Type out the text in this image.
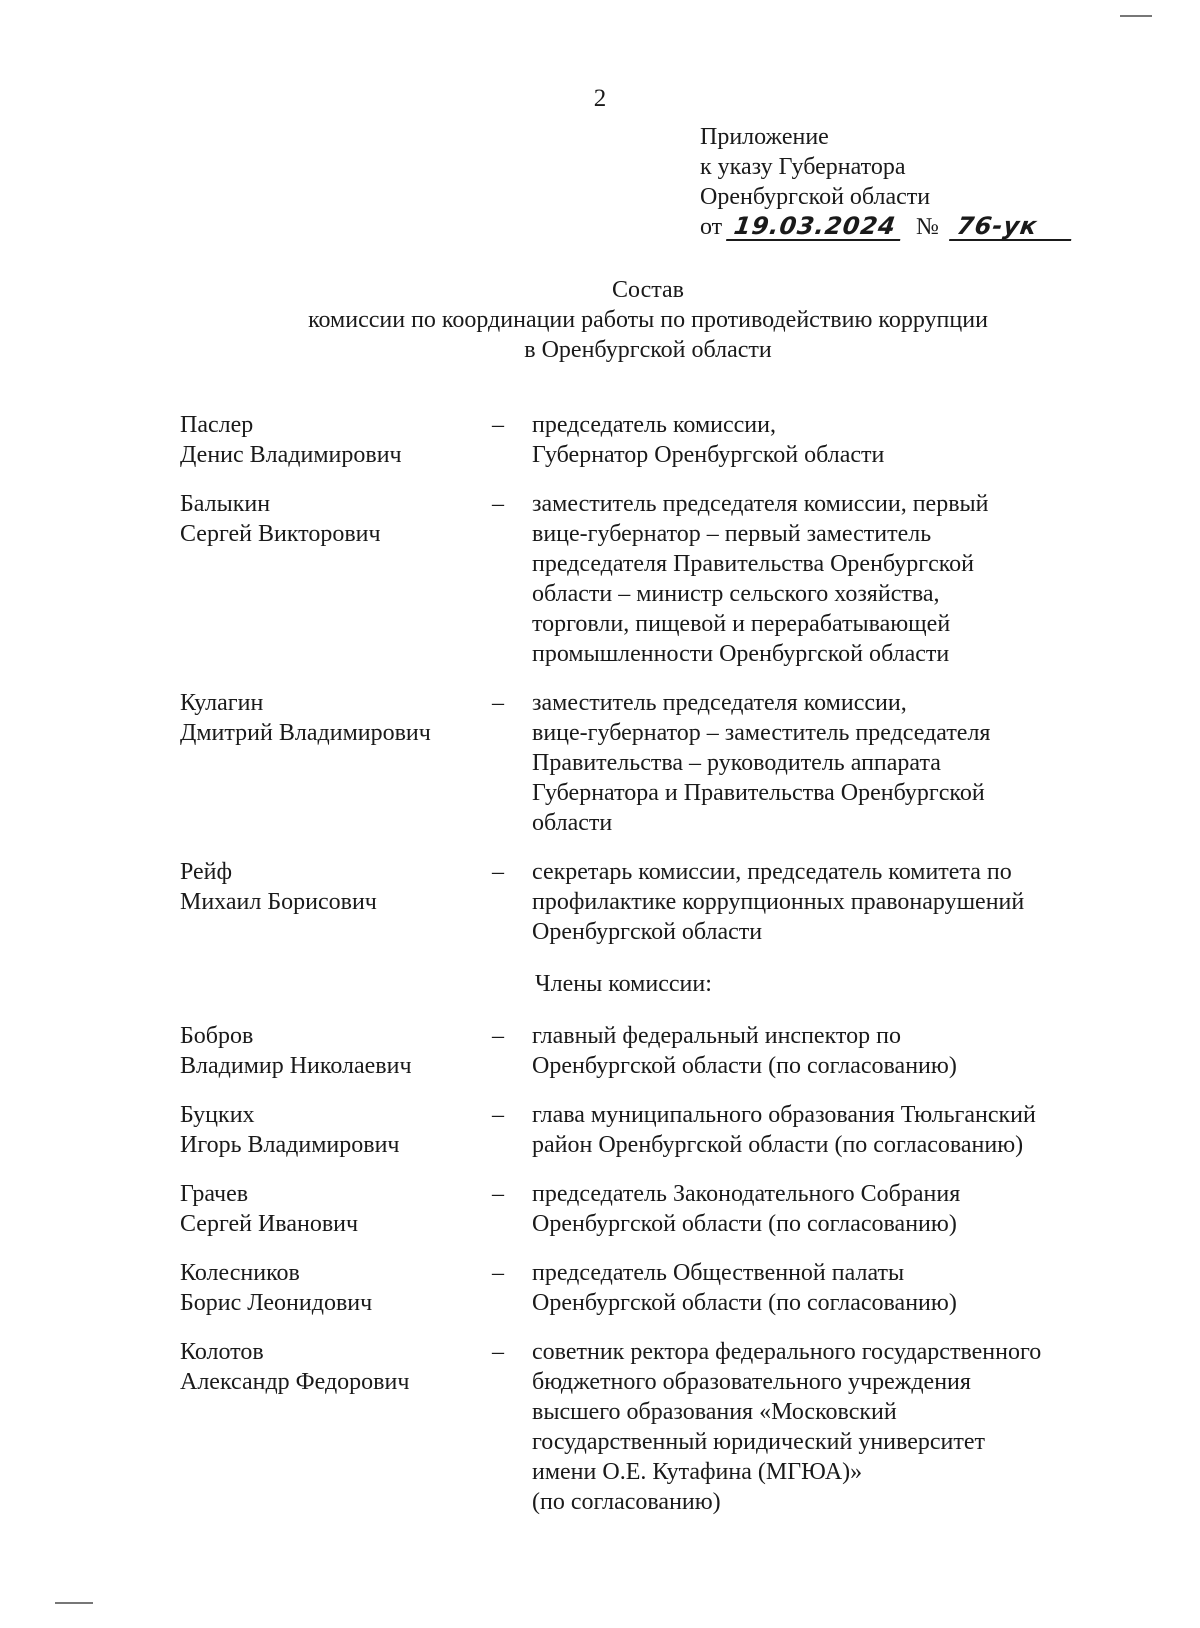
2
Приложение
к указу Губернатора
Оренбургской области
от 19.03.2024 № 76-ук
Состав
комиссии по координации работы по противодействию коррупции
в Оренбургской области
Паслер
Денис Владимирович
–	председатель комиссии,
Губернатор Оренбургской области
Балыкин
Сергей Викторович
–	заместитель председателя комиссии, первый
вице-губернатор – первый заместитель
председателя Правительства Оренбургской
области – министр сельского хозяйства,
торговли, пищевой и перерабатывающей
промышленности Оренбургской области
Кулагин
Дмитрий Владимирович
–	заместитель председателя комиссии,
вице-губернатор – заместитель председателя
Правительства – руководитель аппарата
Губернатора и Правительства Оренбургской
области
Рейф
Михаил Борисович
–	секретарь комиссии, председатель комитета по
профилактике коррупционных правонарушений
Оренбургской области
Члены комиссии:
Бобров
Владимир Николаевич
–	главный федеральный инспектор по
Оренбургской области (по согласованию)
Буцких
Игорь Владимирович
–	глава муниципального образования Тюльганский
район Оренбургской области (по согласованию)
Грачев
Сергей Иванович
–	председатель Законодательного Собрания
Оренбургской области (по согласованию)
Колесников
Борис Леонидович
–	председатель Общественной палаты
Оренбургской области (по согласованию)
Колотов
Александр Федорович
–	советник ректора федерального государственного
бюджетного образовательного учреждения
высшего образования «Московский
государственный юридический университет
имени О.Е. Кутафина (МГЮА)»
(по согласованию)
